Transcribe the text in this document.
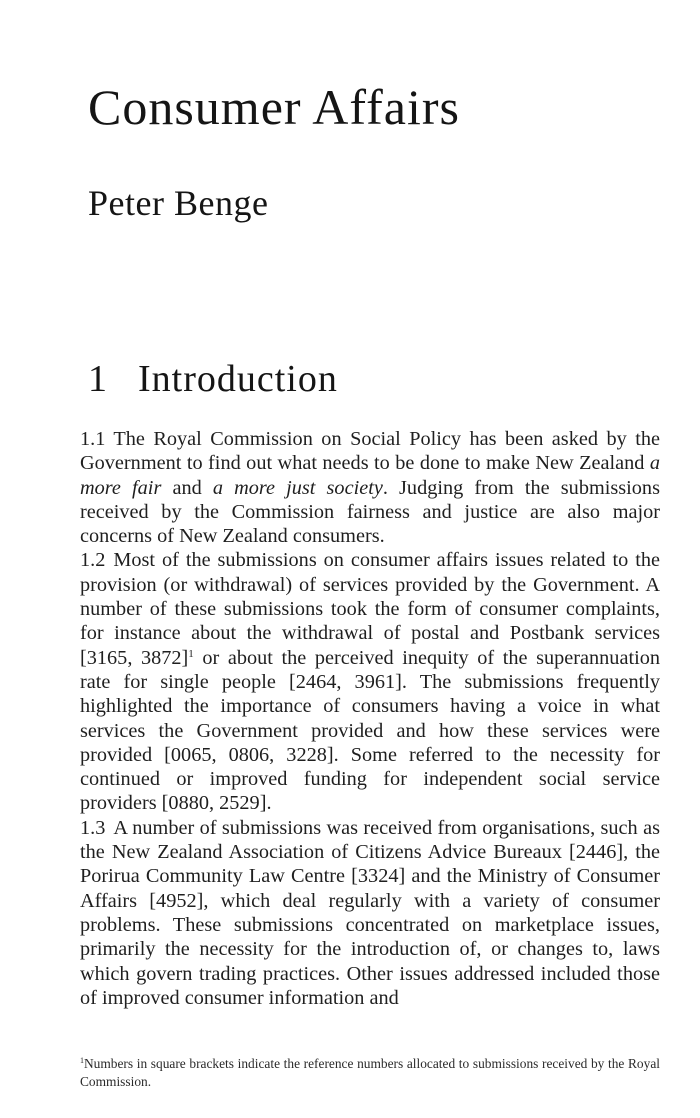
Consumer Affairs
Peter Benge
1 Introduction

1.1 The Royal Commission on Social Policy has been asked by the Government to find out what needs to be done to make New Zealand a more fair and a more just society. Judging from the submissions received by the Commission fairness and justice are also major concerns of New Zealand consumers.

1.2 Most of the submissions on consumer affairs issues related to the provision (or withdrawal) of services provided by the Government. A number of these submissions took the form of consumer complaints, for instance about the withdrawal of postal and Postbank services [3165, 3872]$^1$ or about the perceived inequity of the superannuation rate for single people [2464, 3961]. The submissions frequently highlighted the importance of consumers having a voice in what services the Government provided and how these services were provided [0065, 0806, 3228]. Some referred to the necessity for continued or improved funding for independent social service providers [0880, 2529].

1.3 A number of submissions was received from organisations, such as the New Zealand Association of Citizens Advice Bureaux [2446], the Porirua Community Law Centre [3324] and the Ministry of Consumer Affairs [4952], which deal regularly with a variety of consumer problems. These submissions concentrated on marketplace issues, primarily the necessity for the introduction of, or changes to, laws which govern trading practices. Other issues addressed included those of improved consumer information and

$^1$Numbers in square brackets indicate the reference numbers allocated to submissions received by the Royal Commission.
